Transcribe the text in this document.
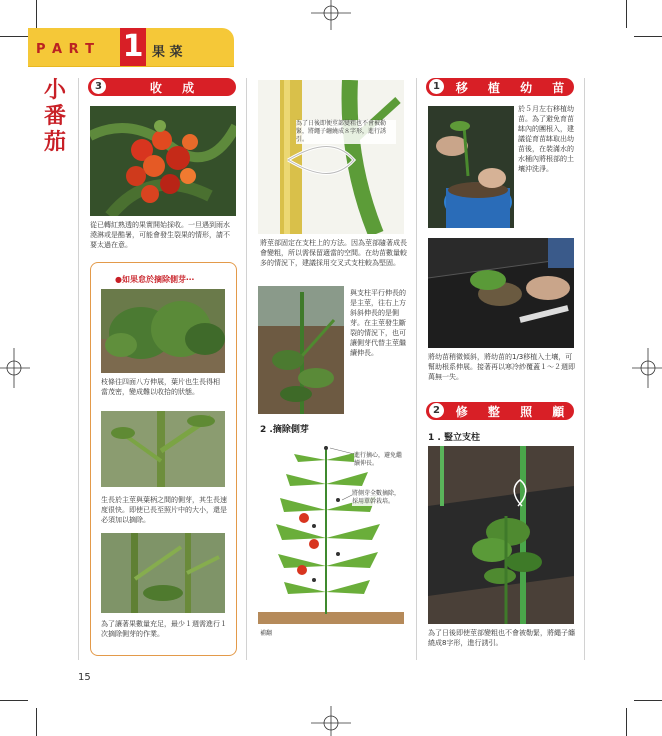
P A R T 1 果 菜
小
番
茄
3	收 成
從已轉紅熟透的果實開始採收。一旦遇到雨水澆淋或是酷暑，可能會發生裂果的情形，請不要太過在意。
●如果怠於摘除側芽⋯
枝條往四面八方伸展，葉片也生長得相當茂密，變成難以收拾的狀態。
生長於主莖與葉柄之間的側芽，其生長速度很快。即使已長至照片中的大小，還是必須加以摘除。
為了讓著果數量充足，最少１週需進行１次摘除側芽的作業。
為了日後即便莖部變粗也不會被勒緊，將繩子纏繞成８字形，進行誘引。
將莖部固定在支柱上的方法。因為莖部隨著成長會變粗，所以需保留適當的空間。在幼苗數量較多的情況下，建議採用交叉式支柱較為堅固。
與支柱平行伸長的是主莖，往右上方斜斜伸長的是側芽。在主莖發生斷裂的情況下，也可讓側芽代替主莖繼續伸長。
2 .摘除側芽
進行摘心，避免繼續伸長。
將側芽全數摘除，採用單幹栽培。
補翻
1	移 植 幼 苗
於５月左右移植幼苗。為了避免育苗缽內的團根入，建議從育苗缽取出幼苗後，在裝滿水的水桶內將根部的土壤沖洗淨。
將幼苗稍微傾斜，將幼苗的1/3移植入土壤，可幫助根系伸展。接著再以寒冷紗覆蓋１～２週即萬無一失。
2	修 整 照 顧
1 . 豎立支柱
為了日後即使莖部變粗也不會被勒緊，將繩子纏繞成8字形，進行誘引。
15
